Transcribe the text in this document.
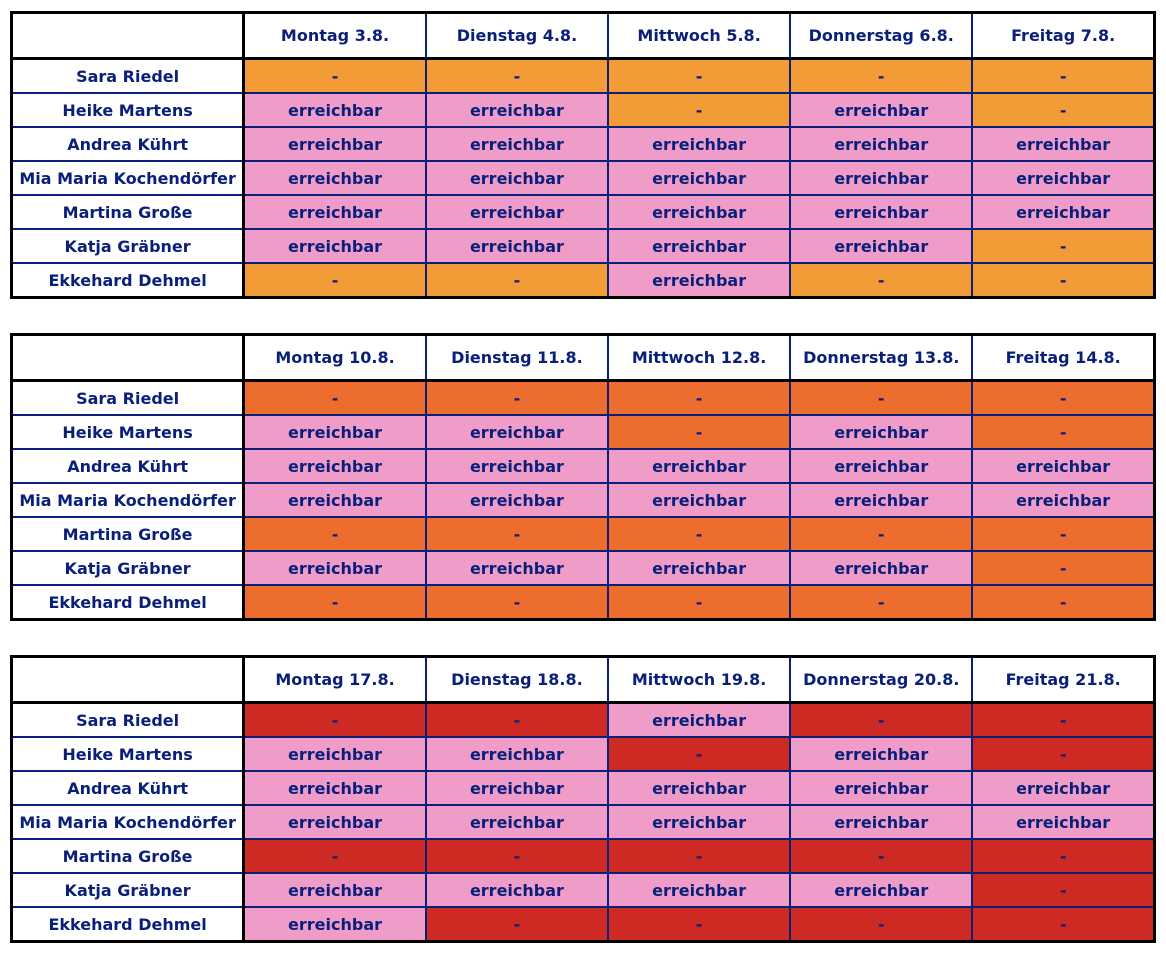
	Montag 3.8.	Dienstag 4.8.	Mittwoch 5.8.	Donnerstag 6.8.	Freitag 7.8.
Sara Riedel	-	-	-	-	-
Heike Martens	erreichbar	erreichbar	-	erreichbar	-
Andrea Kührt	erreichbar	erreichbar	erreichbar	erreichbar	erreichbar
Mia Maria Kochendörfer	erreichbar	erreichbar	erreichbar	erreichbar	erreichbar
Martina Große	erreichbar	erreichbar	erreichbar	erreichbar	erreichbar
Katja Gräbner	erreichbar	erreichbar	erreichbar	erreichbar	-
Ekkehard Dehmel	-	-	erreichbar	-	-
	Montag 10.8.	Dienstag 11.8.	Mittwoch 12.8.	Donnerstag 13.8.	Freitag 14.8.
Sara Riedel	-	-	-	-	-
Heike Martens	erreichbar	erreichbar	-	erreichbar	-
Andrea Kührt	erreichbar	erreichbar	erreichbar	erreichbar	erreichbar
Mia Maria Kochendörfer	erreichbar	erreichbar	erreichbar	erreichbar	erreichbar
Martina Große	-	-	-	-	-
Katja Gräbner	erreichbar	erreichbar	erreichbar	erreichbar	-
Ekkehard Dehmel	-	-	-	-	-
	Montag 17.8.	Dienstag 18.8.	Mittwoch 19.8.	Donnerstag 20.8.	Freitag 21.8.
Sara Riedel	-	-	erreichbar	-	-
Heike Martens	erreichbar	erreichbar	-	erreichbar	-
Andrea Kührt	erreichbar	erreichbar	erreichbar	erreichbar	erreichbar
Mia Maria Kochendörfer	erreichbar	erreichbar	erreichbar	erreichbar	erreichbar
Martina Große	-	-	-	-	-
Katja Gräbner	erreichbar	erreichbar	erreichbar	erreichbar	-
Ekkehard Dehmel	erreichbar	-	-	-	-
